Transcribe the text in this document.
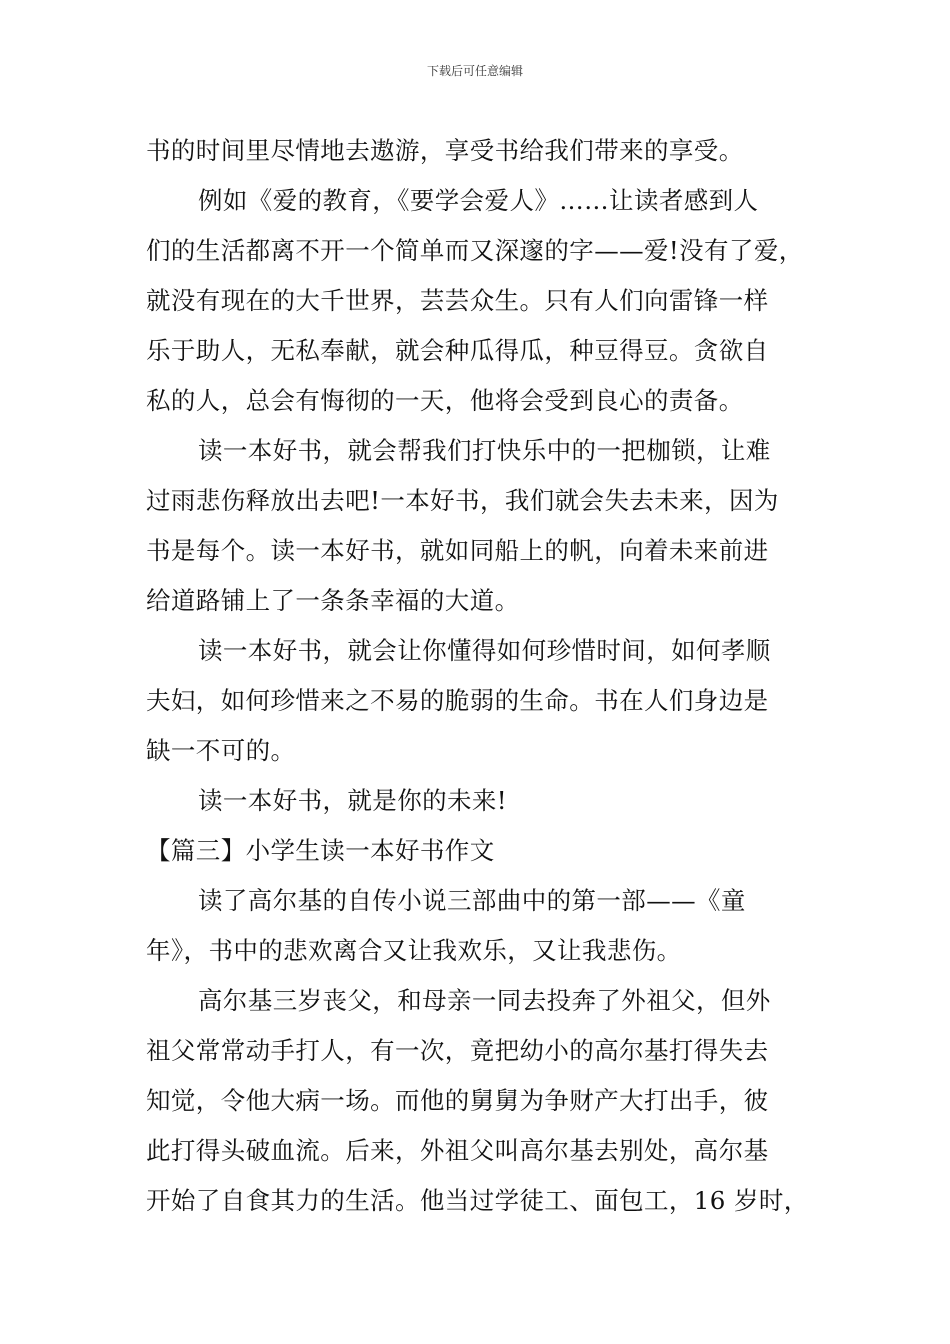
下载后可任意编辑
书的时间里尽情地去遨游，享受书给我们带来的享受。
例如《爱的教育，《要学会爱人》……让读者感到人
们的生活都离不开一个简单而又深邃的字——爱!没有了爱，
就没有现在的大千世界，芸芸众生。只有人们向雷锋一样
乐于助人，无私奉献，就会种瓜得瓜，种豆得豆。贪欲自
私的人，总会有悔彻的一天，他将会受到良心的责备。
读一本好书，就会帮我们打快乐中的一把枷锁，让难
过雨悲伤释放出去吧!一本好书，我们就会失去未来，因为
书是每个。读一本好书，就如同船上的帆，向着未来前进
给道路铺上了一条条幸福的大道。
读一本好书，就会让你懂得如何珍惜时间，如何孝顺
夫妇，如何珍惜来之不易的脆弱的生命。书在人们身边是
缺一不可的。
读一本好书，就是你的未来!
【篇三】小学生读一本好书作文
读了高尔基的自传小说三部曲中的第一部——《童
年》，书中的悲欢离合又让我欢乐，又让我悲伤。
高尔基三岁丧父，和母亲一同去投奔了外祖父，但外
祖父常常动手打人，有一次，竟把幼小的高尔基打得失去
知觉，令他大病一场。而他的舅舅为争财产大打出手，彼
此打得头破血流。后来，外祖父叫高尔基去别处，高尔基
开始了自食其力的生活。他当过学徒工、面包工，16 岁时，
